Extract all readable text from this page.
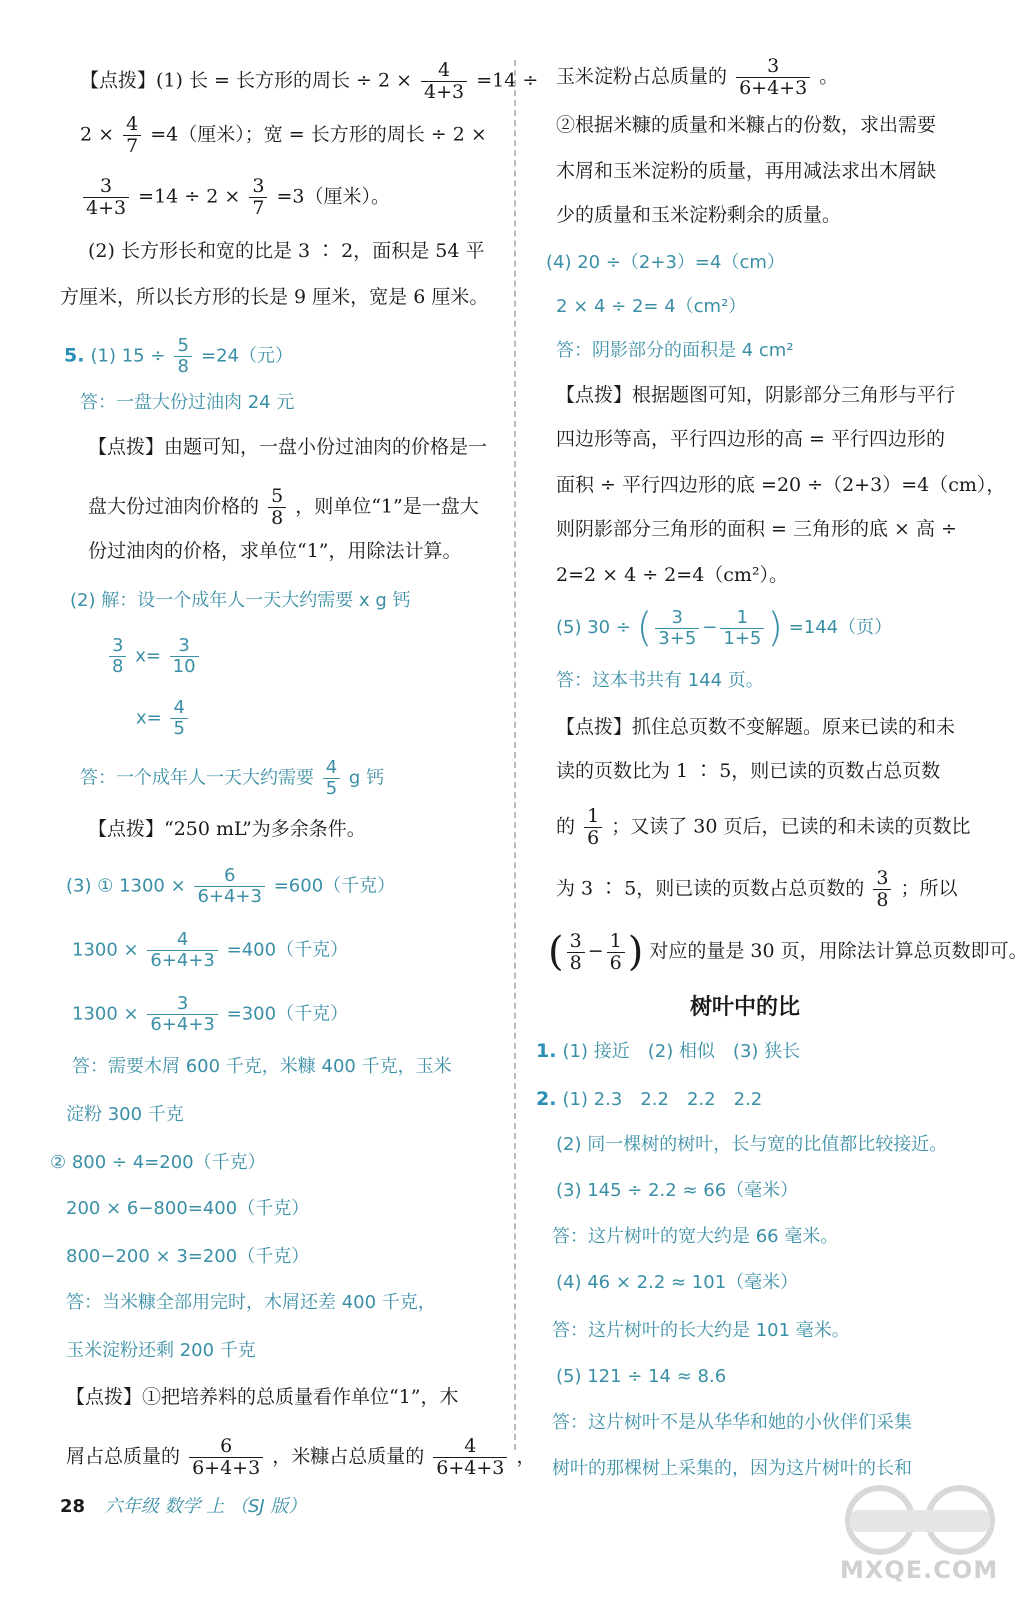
【点拨】(1) 长 = 长方形的周长 ÷ $2 \times \frac{4}{4+3} =14$ ÷
$2 \times \frac{4}{7} =4$（厘米）；宽 = 长方形的周长 ÷ 2 ×
$\frac{3}{4+3} =14 \div 2 \times \frac{3}{7} =3$（厘米）。
(2) 长方形长和宽的比是 3 ∶ 2，面积是 54 平
方厘米，所以长方形的长是 9 厘米，宽是 6 厘米。
5. (1) $15 \div \frac{5}{8} =24$（元）
答：一盘大份过油肉 24 元
【点拨】由题可知，一盘小份过油肉的价格是一
盘大份过油肉价格的 $\frac{5}{8}$ ，则单位“1”是一盘大
份过油肉的价格，求单位“1”，用除法计算。
(2) 解：设一个成年人一天大约需要 x g 钙
$\frac{3}{8} x= \frac{3}{10}$
$x= \frac{4}{5}$
答：一个成年人一天大约需要 $\frac{4}{5}$ g 钙
【点拨】“250 mL”为多余条件。
(3) ① $1300 \times \frac{6}{6+4+3} =600$（千克）
$1300 \times \frac{4}{6+4+3} =400$（千克）
$1300 \times \frac{3}{6+4+3} =300$（千克）
答：需要木屑 600 千克，米糠 400 千克，玉米
淀粉 300 千克
② 800 ÷ 4=200（千克）
200 × 6−800=400（千克）
800−200 × 3=200（千克）
答：当米糠全部用完时，木屑还差 400 千克，
玉米淀粉还剩 200 千克
【点拨】①把培养料的总质量看作单位“1”，木
屑占总质量的 $\frac{6}{6+4+3}$ ，米糠占总质量的 $\frac{4}{6+4+3}$ ，
玉米淀粉占总质量的 $\frac{3}{6+4+3}$ 。
②根据米糠的质量和米糠占的份数，求出需要
木屑和玉米淀粉的质量，再用减法求出木屑缺
少的质量和玉米淀粉剩余的质量。
(4) 20 ÷（2+3）=4（cm）
2 × 4 ÷ 2= 4（cm²）
答：阴影部分的面积是 4 cm²
【点拨】根据题图可知，阴影部分三角形与平行
四边形等高，平行四边形的高 = 平行四边形的
面积 ÷ 平行四边形的底 =20 ÷（2+3）=4（cm），
则阴影部分三角形的面积 = 三角形的底 × 高 ÷
2=2 × 4 ÷ 2=4（cm²）。
(5) 30 ÷ ( $\frac{3}{3+5} - \frac{1}{1+5}$ ) =144（页）
答：这本书共有 144 页。
【点拨】抓住总页数不变解题。原来已读的和未
读的页数比为 1 ∶ 5，则已读的页数占总页数
的 $\frac{1}{6}$ ；又读了 30 页后，已读的和未读的页数比
为 3 ∶ 5，则已读的页数占总页数的 $\frac{3}{8}$ ；所以
( $\frac{3}{8} - \frac{1}{6}$ ) 对应的量是 30 页，用除法计算总页数即可。
树叶中的比
1. (1) 接近　(2) 相似　(3) 狭长
2. (1) 2.3　2.2　2.2　2.2
(2) 同一棵树的树叶，长与宽的比值都比较接近。
(3) 145 ÷ 2.2 ≈ 66（毫米）
答：这片树叶的宽大约是 66 毫米。
(4) 46 × 2.2 ≈ 101（毫米）
答：这片树叶的长大约是 101 毫米。
(5) 121 ÷ 14 ≈ 8.6
答：这片树叶不是从华华和她的小伙伴们采集
树叶的那棵树上采集的，因为这片树叶的长和
28 六年级 数学 上 （SJ 版）
MXQE.COM
